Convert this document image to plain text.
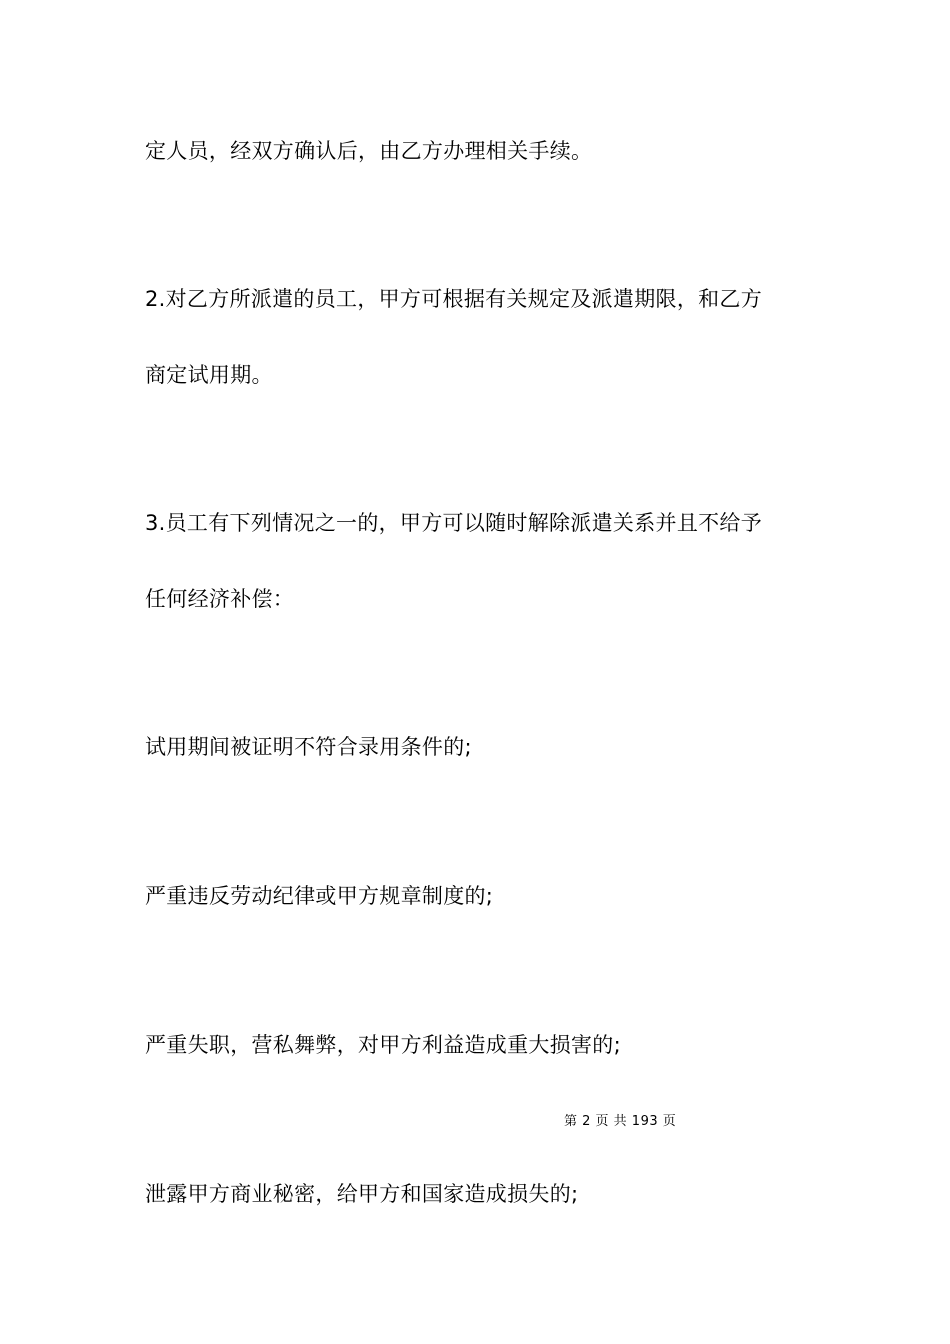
定人员，经双方确认后，由乙方办理相关手续。
2.对乙方所派遣的员工，甲方可根据有关规定及派遣期限，和乙方
商定试用期。
3.员工有下列情况之一的，甲方可以随时解除派遣关系并且不给予
任何经济补偿：
试用期间被证明不符合录用条件的;
严重违反劳动纪律或甲方规章制度的;
严重失职，营私舞弊，对甲方利益造成重大损害的;
第 2 页 共 193 页
泄露甲方商业秘密，给甲方和国家造成损失的;
